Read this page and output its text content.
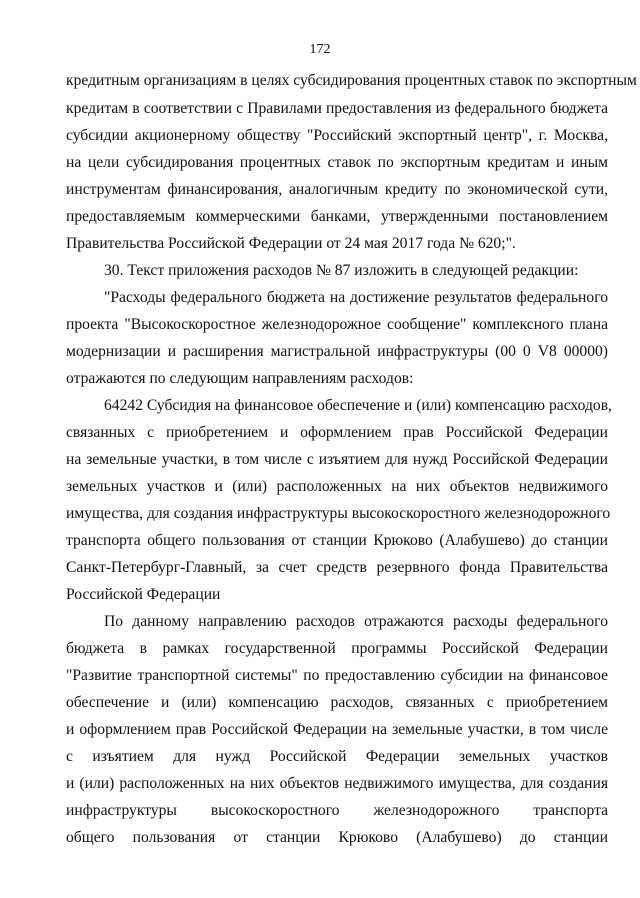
172
кредитным организациям в целях субсидирования процентных ставок по экспортным
кредитам в соответствии с Правилами предоставления из федерального бюджета
субсидии акционерному обществу "Российский экспортный центр", г. Москва,
на цели субсидирования процентных ставок по экспортным кредитам и иным
инструментам финансирования, аналогичным кредиту по экономической сути,
предоставляемым коммерческими банками, утвержденными постановлением
Правительства Российской Федерации от 24 мая 2017 года № 620;".
30. Текст приложения расходов № 87 изложить в следующей редакции:
"Расходы федерального бюджета на достижение результатов федерального
проекта "Высокоскоростное железнодорожное сообщение" комплексного плана
модернизации и расширения магистральной инфраструктуры (00 0 V8 00000)
отражаются по следующим направлениям расходов:
64242 Субсидия на финансовое обеспечение и (или) компенсацию расходов,
связанных с приобретением и оформлением прав Российской Федерации
на земельные участки, в том числе с изъятием для нужд Российской Федерации
земельных участков и (или) расположенных на них объектов недвижимого
имущества, для создания инфраструктуры высокоскоростного железнодорожного
транспорта общего пользования от станции Крюково (Алабушево) до станции
Санкт-Петербург-Главный, за счет средств резервного фонда Правительства
Российской Федерации
По данному направлению расходов отражаются расходы федерального
бюджета в рамках государственной программы Российской Федерации
"Развитие транспортной системы" по предоставлению субсидии на финансовое
обеспечение и (или) компенсацию расходов, связанных с приобретением
и оформлением прав Российской Федерации на земельные участки, в том числе
с изъятием для нужд Российской Федерации земельных участков
и (или) расположенных на них объектов недвижимого имущества, для создания
инфраструктуры высокоскоростного железнодорожного транспорта
общего пользования от станции Крюково (Алабушево) до станции
